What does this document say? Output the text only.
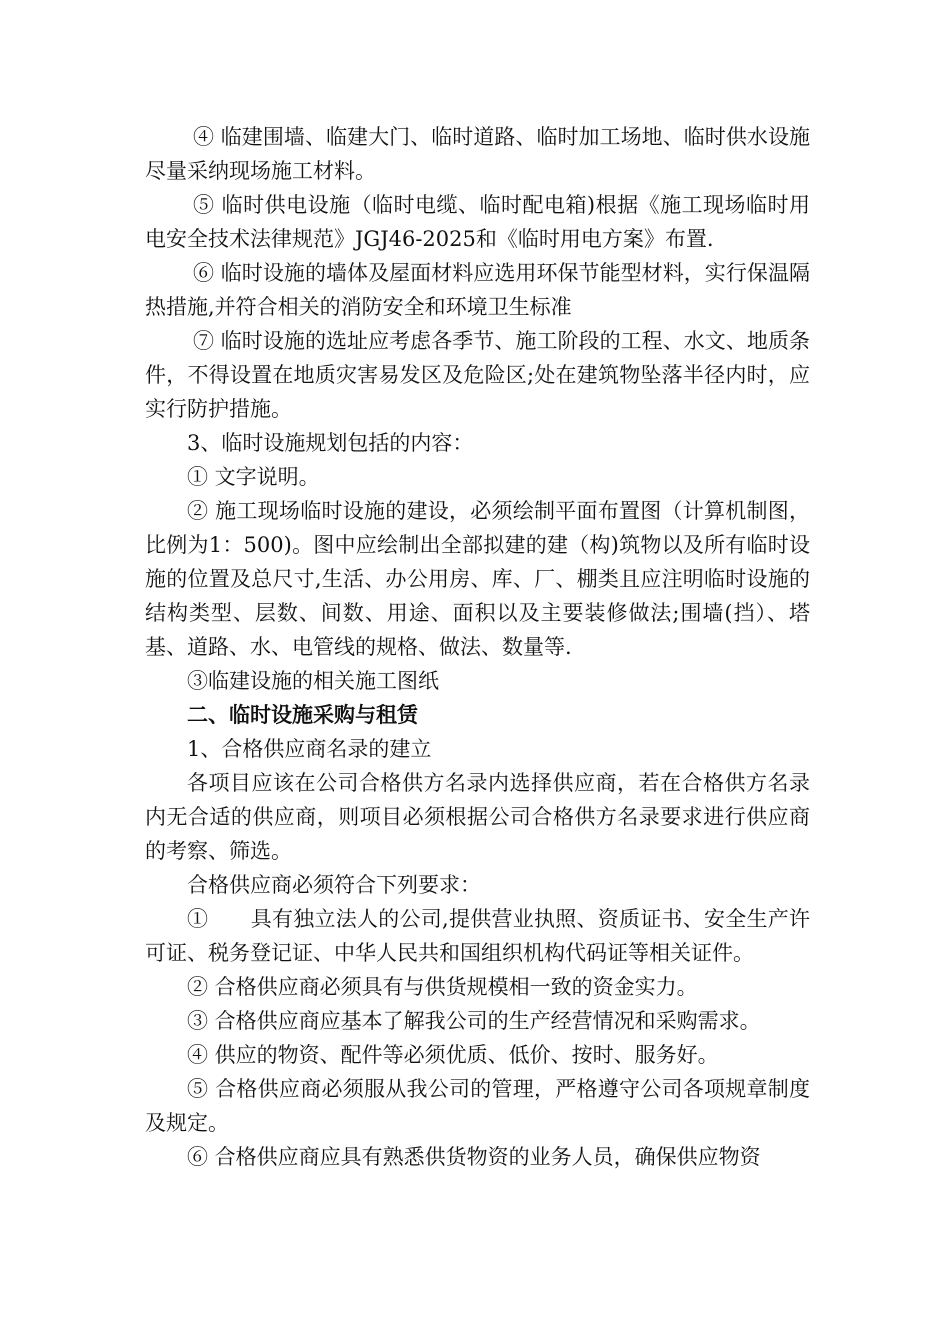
④ 临建围墙、临建大门、临时道路、临时加工场地、临时供水设施尽量采纳现场施工材料。

⑤ 临时供电设施（临时电缆、临时配电箱)根据《施工现场临时用电安全技术法律规范》JGJ46-2025和《临时用电方案》布置.

⑥ 临时设施的墙体及屋面材料应选用环保节能型材料，实行保温隔热措施,并符合相关的消防安全和环境卫生标准

⑦ 临时设施的选址应考虑各季节、施工阶段的工程、水文、地质条件，不得设置在地质灾害易发区及危险区;处在建筑物坠落半径内时，应实行防护措施。

3、临时设施规划包括的内容：

① 文字说明。

② 施工现场临时设施的建设，必须绘制平面布置图（计算机制图，比例为1：500)。图中应绘制出全部拟建的建（构)筑物以及所有临时设施的位置及总尺寸,生活、办公用房、库、厂、棚类且应注明临时设施的结构类型、层数、间数、用途、面积以及主要装修做法;围墙(挡）、塔基、道路、水、电管线的规格、做法、数量等.

③临建设施的相关施工图纸

二、临时设施采购与租赁

1、合格供应商名录的建立

各项目应该在公司合格供方名录内选择供应商，若在合格供方名录内无合适的供应商，则项目必须根据公司合格供方名录要求进行供应商的考察、筛选。

合格供应商必须符合下列要求：

①　　具有独立法人的公司,提供营业执照、资质证书、安全生产许可证、税务登记证、中华人民共和国组织机构代码证等相关证件。

② 合格供应商必须具有与供货规模相一致的资金实力。

③ 合格供应商应基本了解我公司的生产经营情况和采购需求。

④ 供应的物资、配件等必须优质、低价、按时、服务好。

⑤ 合格供应商必须服从我公司的管理，严格遵守公司各项规章制度及规定。

⑥ 合格供应商应具有熟悉供货物资的业务人员，确保供应物资
